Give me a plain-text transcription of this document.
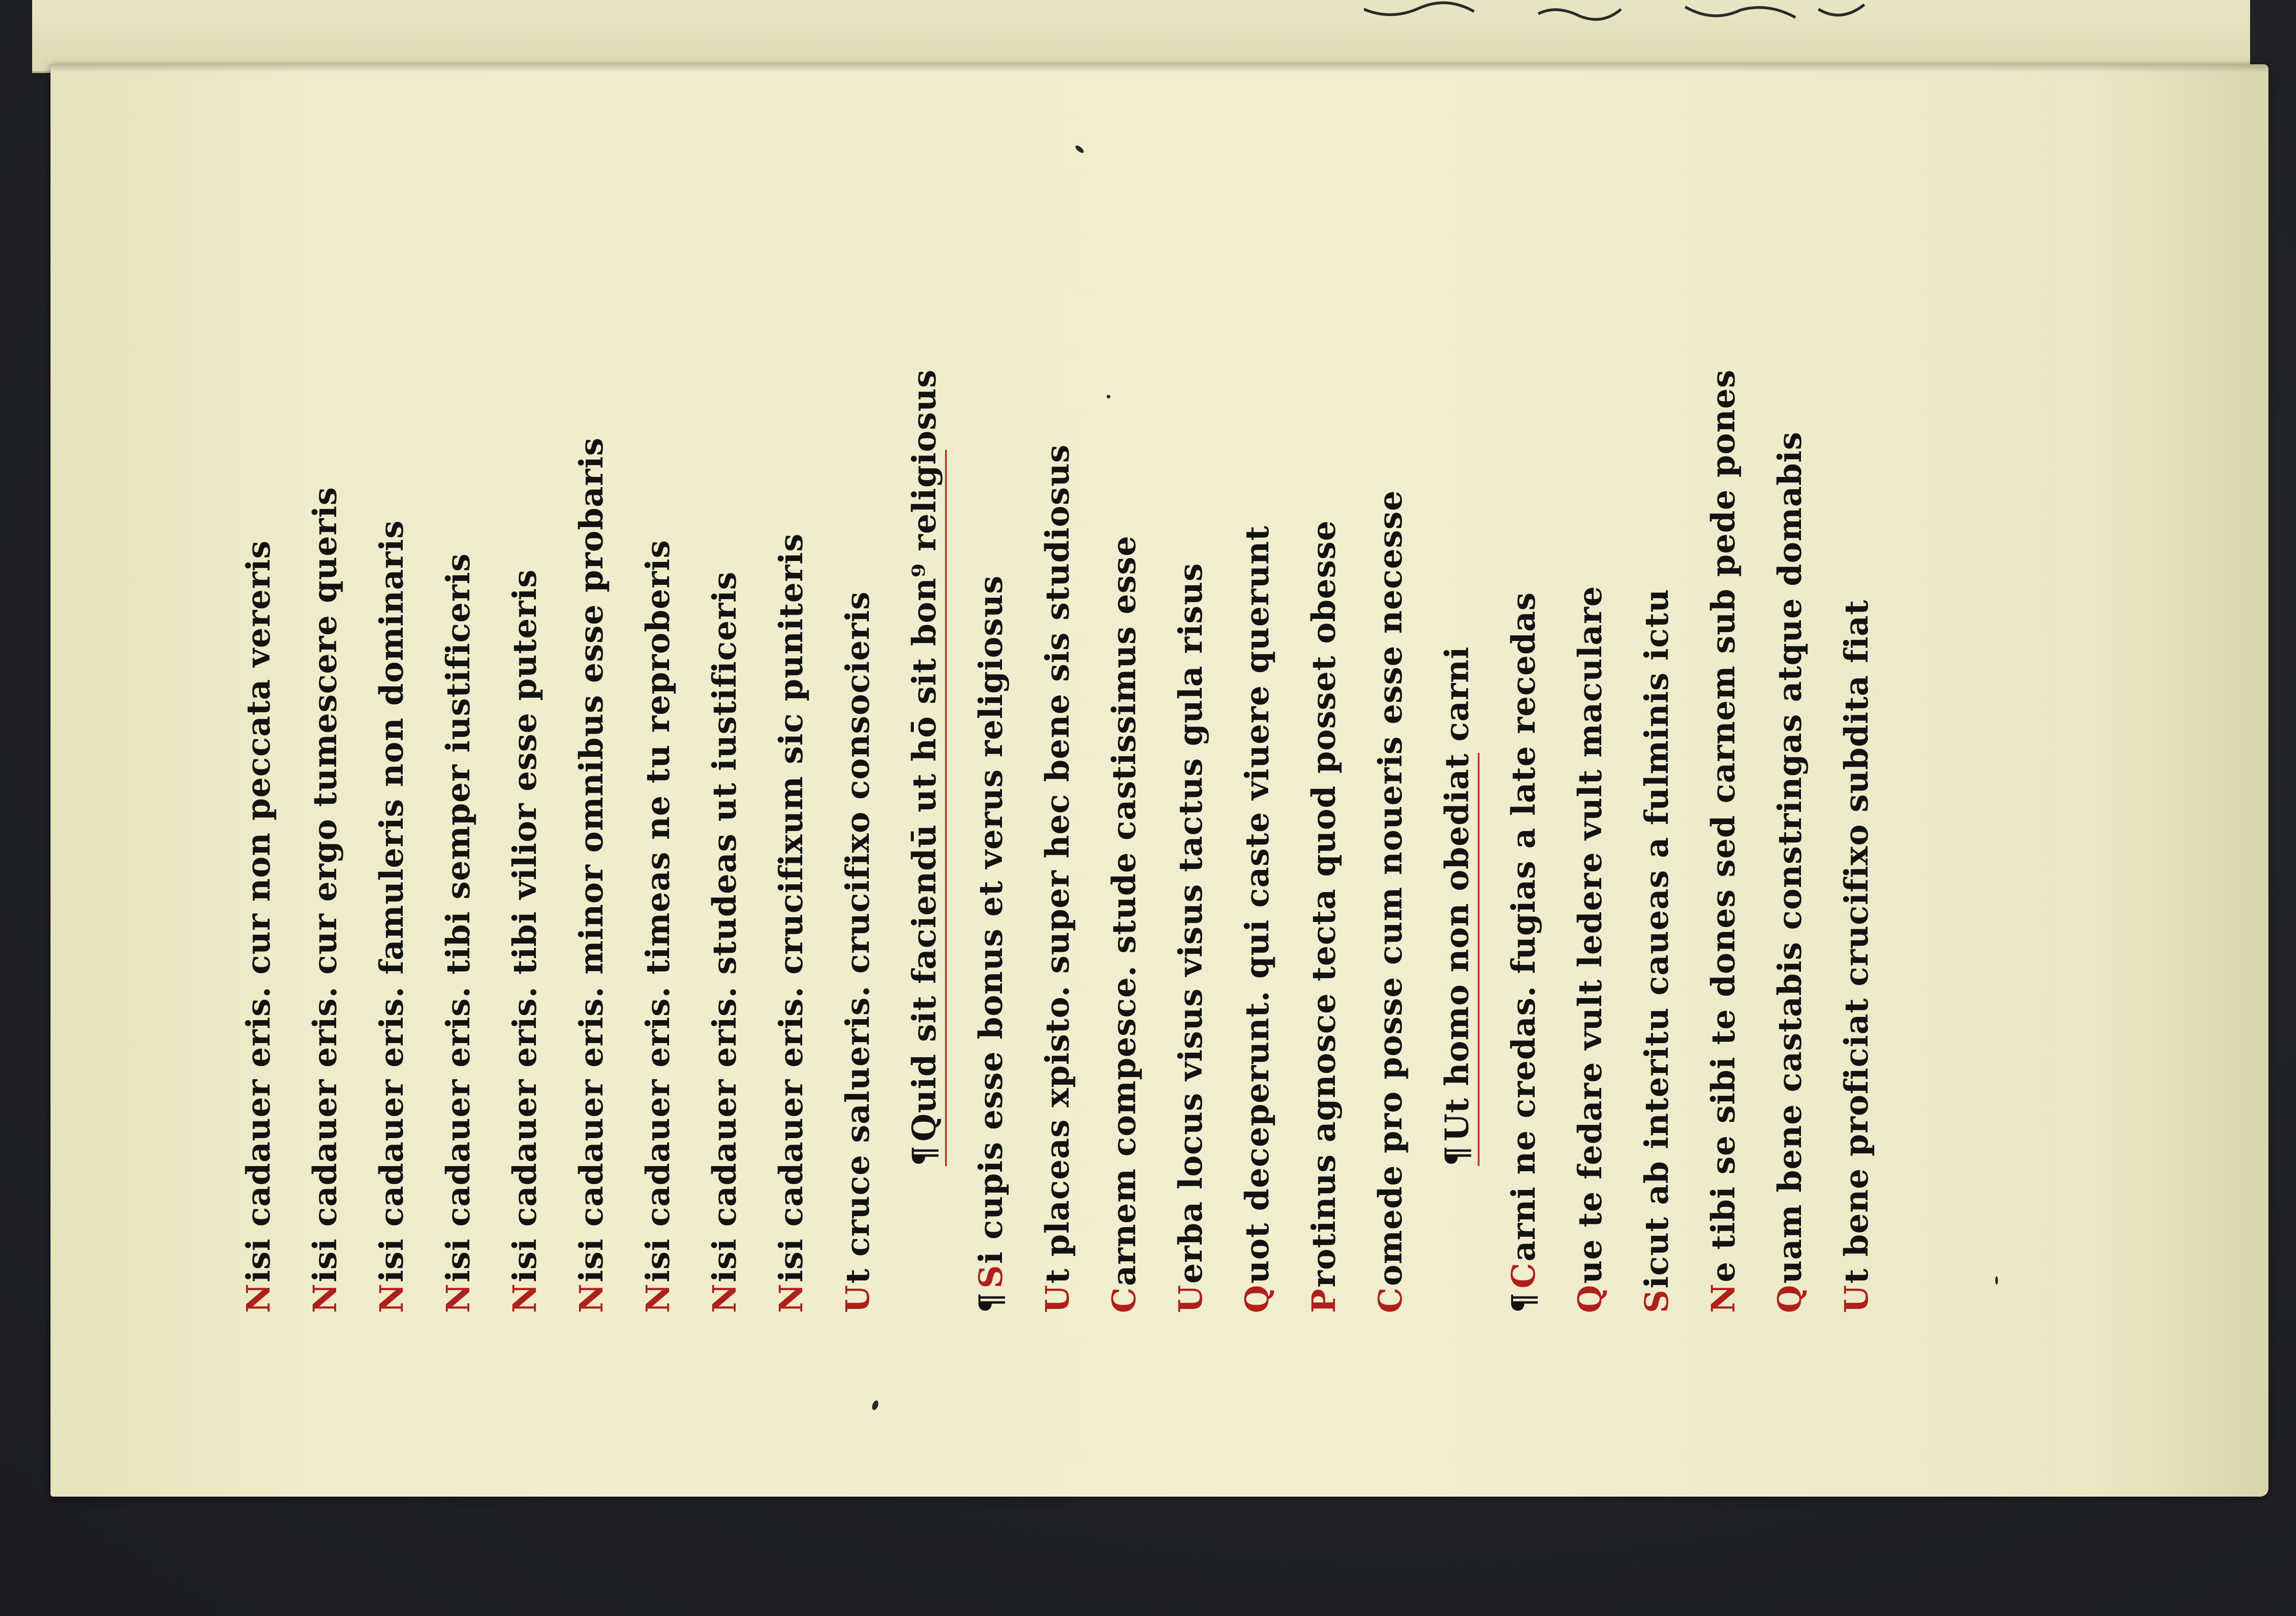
Nisi cadauer eris. cur non peccata vereris
Nisi cadauer eris. cur ergo tumescere queris
Nisi cadauer eris. famuleris non dominaris
Nisi cadauer eris. tibi semper iustificeris
Nisi cadauer eris. tibi vilior esse puteris
Nisi cadauer eris. minor omnibus esse probaris
Nisi cadauer eris. timeas ne tu reproberis
Nisi cadauer eris. studeas ut iustificeris
Nisi cadauer eris. crucifixum sic puniteris
Ut cruce salueris. crucifixo consocieris ¶Quid sit faciendū ut hō sit bon⁹ religiosus
¶Si cupis esse bonus et verus religiosus
Ut placeas xpisto. super hec bene sis studiosus
Carnem compesce. stude castissimus esse
Uerba locus visus visus tactus gula risus
Quot deceperunt. qui caste viuere querunt
Protinus agnosce tecta quod posset obesse
Comede pro posse cum noueris esse necesse ¶Ut homo non obediat carni
¶Carni ne credas. fugias a late recedas
Que te fedare vult ledere vult maculare
Sicut ab interitu caueas a fulminis ictu
Ne tibi se sibi te dones sed carnem sub pede pones
Quam bene castabis constringas atque domabis
Ut bene proficiat crucifixo subdita fiat
